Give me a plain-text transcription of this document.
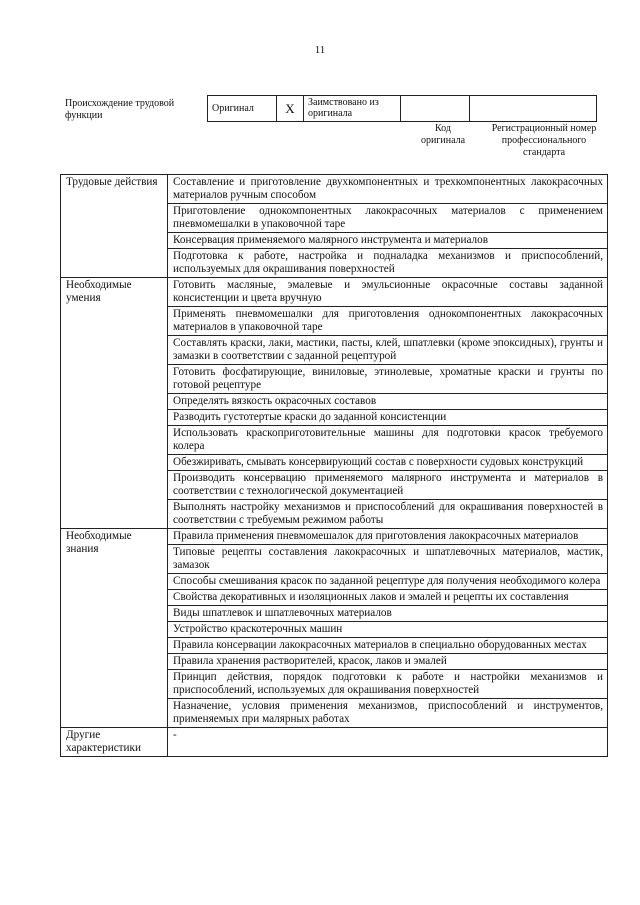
11
Происхождение трудовой функции
Оригинал	X	Заимствовано из оригинала		
Код оригинала
Регистрационный номер профессионального стандарта
Трудовые действия	Составление и приготовление двухкомпонентных и трехкомпонентных лакокрасочных материалов ручным способом
	Приготовление однокомпонентных лакокрасочных материалов с применением пневмомешалки в упаковочной таре
	Консервация применяемого малярного инструмента и материалов
	Подготовка к работе, настройка и подналадка механизмов и приспособлений, используемых для окрашивания поверхностей
Необходимые умения	Готовить масляные, эмалевые и эмульсионные окрасочные составы заданной консистенции и цвета вручную
	Применять пневмомешалки для приготовления однокомпонентных лакокрасочных материалов в упаковочной таре
	Составлять краски, лаки, мастики, пасты, клей, шпатлевки (кроме эпоксидных), грунты и замазки в соответствии с заданной рецептурой
	Готовить фосфатирующие, виниловые, этинолевые, хроматные краски и грунты по готовой рецептуре
	Определять вязкость окрасочных составов
	Разводить густотертые краски до заданной консистенции
	Использовать краскоприготовительные машины для подготовки красок требуемого колера
	Обезжиривать, смывать консервирующий состав с поверхности судовых конструкций
	Производить консервацию применяемого малярного инструмента и материалов в соответствии с технологической документацией
	Выполнять настройку механизмов и приспособлений для окрашивания поверхностей в соответствии с требуемым режимом работы
Необходимые знания	Правила применения пневмомешалок для приготовления лакокрасочных материалов
	Типовые рецепты составления лакокрасочных и шпатлевочных материалов, мастик, замазок
	Способы смешивания красок по заданной рецептуре для получения необходимого колера
	Свойства декоративных и изоляционных лаков и эмалей и рецепты их составления
	Виды шпатлевок и шпатлевочных материалов
	Устройство краскотерочных машин
	Правила консервации лакокрасочных материалов в специально оборудованных местах
	Правила хранения растворителей, красок, лаков и эмалей
	Принцип действия, порядок подготовки к работе и настройки механизмов и приспособлений, используемых для окрашивания поверхностей
	Назначение, условия применения механизмов, приспособлений и инструментов, применяемых при малярных работах
Другие характеристики	-
